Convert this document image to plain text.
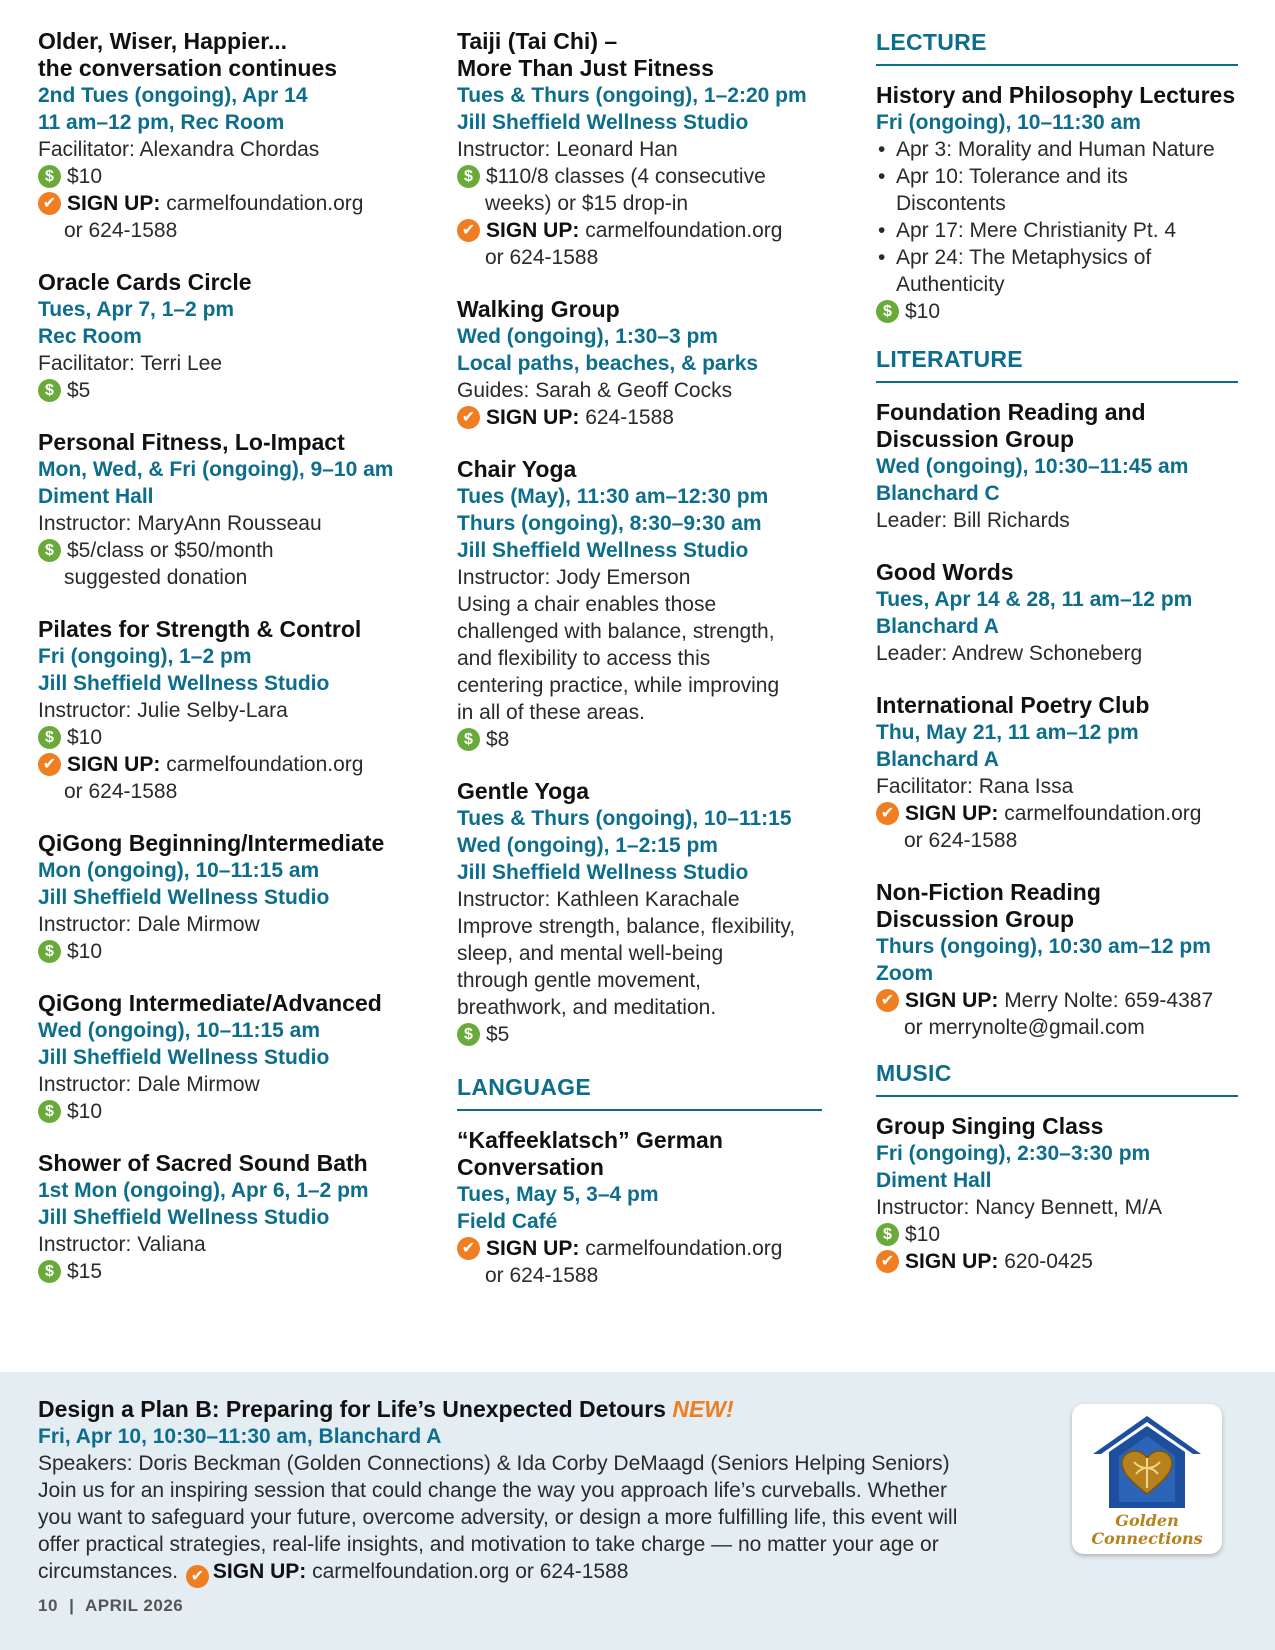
Older, Wiser, Happier...
the conversation continues
2nd Tues (ongoing), Apr 14
11 am–12 pm, Rec Room
Facilitator: Alexandra Chordas
$ $10
✔ SIGN UP: carmelfoundation.org
or 624-1588
Oracle Cards Circle
Tues, Apr 7, 1–2 pm
Rec Room
Facilitator: Terri Lee
$ $5
Personal Fitness, Lo-Impact
Mon, Wed, & Fri (ongoing), 9–10 am
Diment Hall
Instructor: MaryAnn Rousseau
$ $5/class or $50/month
suggested donation
Pilates for Strength & Control
Fri (ongoing), 1–2 pm
Jill Sheffield Wellness Studio
Instructor: Julie Selby-Lara
$ $10
✔ SIGN UP: carmelfoundation.org
or 624-1588
QiGong Beginning/Intermediate
Mon (ongoing), 10–11:15 am
Jill Sheffield Wellness Studio
Instructor: Dale Mirmow
$ $10
QiGong Intermediate/Advanced
Wed (ongoing), 10–11:15 am
Jill Sheffield Wellness Studio
Instructor: Dale Mirmow
$ $10
Shower of Sacred Sound Bath
1st Mon (ongoing), Apr 6, 1–2 pm
Jill Sheffield Wellness Studio
Instructor: Valiana
$ $15
Taiji (Tai Chi) –
More Than Just Fitness
Tues & Thurs (ongoing), 1–2:20 pm
Jill Sheffield Wellness Studio
Instructor: Leonard Han
$ $110/8 classes (4 consecutive
weeks) or $15 drop-in
✔ SIGN UP: carmelfoundation.org
or 624-1588
Walking Group
Wed (ongoing), 1:30–3 pm
Local paths, beaches, & parks
Guides: Sarah & Geoff Cocks
✔ SIGN UP: 624-1588
Chair Yoga
Tues (May), 11:30 am–12:30 pm
Thurs (ongoing), 8:30–9:30 am
Jill Sheffield Wellness Studio
Instructor: Jody Emerson
Using a chair enables those
challenged with balance, strength,
and flexibility to access this
centering practice, while improving
in all of these areas.
$ $8
Gentle Yoga
Tues & Thurs (ongoing), 10–11:15
Wed (ongoing), 1–2:15 pm
Jill Sheffield Wellness Studio
Instructor: Kathleen Karachale
Improve strength, balance, flexibility,
sleep, and mental well-being
through gentle movement,
breathwork, and meditation.
$ $5
LANGUAGE
“Kaffeeklatsch” German
Conversation
Tues, May 5, 3–4 pm
Field Café
✔ SIGN UP: carmelfoundation.org
or 624-1588
LECTURE
History and Philosophy Lectures
Fri (ongoing), 10–11:30 am
• Apr 3: Morality and Human Nature
• Apr 10: Tolerance and its Discontents
• Apr 17: Mere Christianity Pt. 4
• Apr 24: The Metaphysics of Authenticity
$ $10
LITERATURE
Foundation Reading and
Discussion Group
Wed (ongoing), 10:30–11:45 am
Blanchard C
Leader: Bill Richards
Good Words
Tues, Apr 14 & 28, 11 am–12 pm
Blanchard A
Leader: Andrew Schoneberg
International Poetry Club
Thu, May 21, 11 am–12 pm
Blanchard A
Facilitator: Rana Issa
✔ SIGN UP: carmelfoundation.org
or 624-1588
Non-Fiction Reading
Discussion Group
Thurs (ongoing), 10:30 am–12 pm
Zoom
✔ SIGN UP: Merry Nolte: 659-4387
or merrynolte@gmail.com
MUSIC
Group Singing Class
Fri (ongoing), 2:30–3:30 pm
Diment Hall
Instructor: Nancy Bennett, M/A
$ $10
✔ SIGN UP: 620-0425
Design a Plan B: Preparing for Life’s Unexpected Detours NEW!
Fri, Apr 10, 10:30–11:30 am, Blanchard A
Speakers: Doris Beckman (Golden Connections) & Ida Corby DeMaagd (Seniors Helping Seniors)
Join us for an inspiring session that could change the way you approach life’s curveballs. Whether
you want to safeguard your future, overcome adversity, or design a more fulfilling life, this event will
offer practical strategies, real-life insights, and motivation to take charge — no matter your age or
circumstances. ✔ SIGN UP: carmelfoundation.org or 624-1588
Golden
Connections
10 | APRIL 2026
